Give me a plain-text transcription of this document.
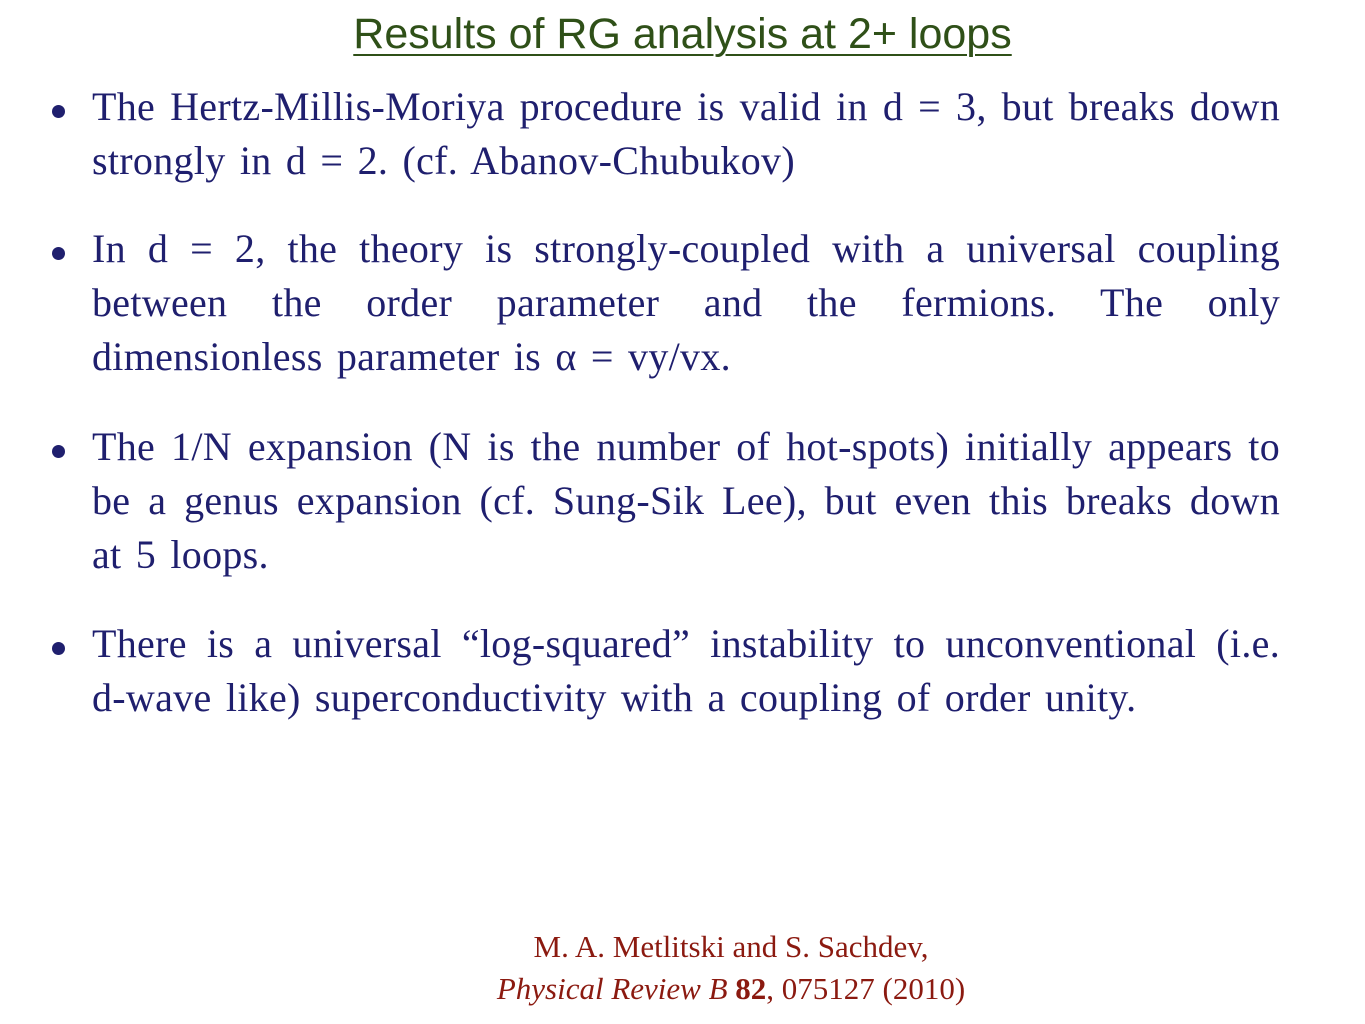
Results of RG analysis at 2+ loops
The Hertz-Millis-Moriya procedure is valid in d = 3, but breaks down strongly in d = 2. (cf. Abanov-Chubukov)
In d = 2, the theory is strongly-coupled with a universal coupling between the order parameter and the fermions. The only dimensionless parameter is α = vy/vx.
The 1/N expansion (N is the number of hot-spots) initially appears to be a genus expansion (cf. Sung-Sik Lee), but even this breaks down at 5 loops.
There is a universal “log-squared” instability to unconventional (i.e. d-wave like) superconductivity with a coupling of order unity.
M. A. Metlitski and S. Sachdev,
Physical Review B 82, 075127 (2010)
